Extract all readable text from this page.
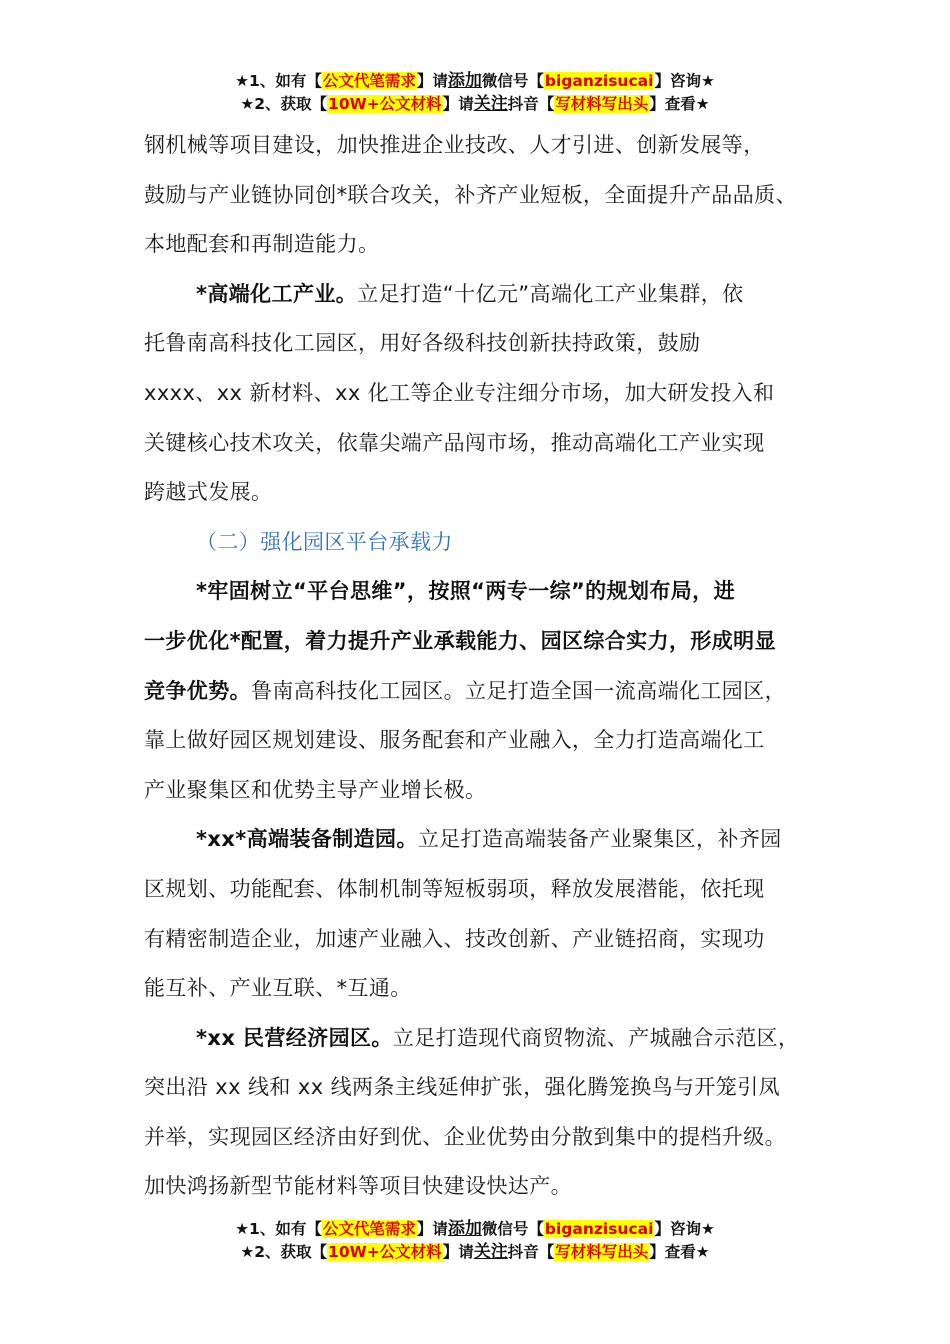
★1、如有【公文代笔需求】请添加微信号【biganzisucai】咨询★
★2、获取【10W+公文材料】请关注抖音【写材料写出头】查看★
钢机械等项目建设，加快推进企业技改、人才引进、创新发展等，
鼓励与产业链协同创*联合攻关，补齐产业短板，全面提升产品品质、
本地配套和再制造能力。
*高端化工产业。立足打造“十亿元”高端化工产业集群，依
托鲁南高科技化工园区，用好各级科技创新扶持政策，鼓励
xxxx、xx 新材料、xx 化工等企业专注细分市场，加大研发投入和
关键核心技术攻关，依靠尖端产品闯市场，推动高端化工产业实现
跨越式发展。
（二）强化园区平台承载力
*牢固树立“平台思维”，按照“两专一综”的规划布局，进
一步优化*配置，着力提升产业承载能力、园区综合实力，形成明显
竞争优势。鲁南高科技化工园区。立足打造全国一流高端化工园区，
靠上做好园区规划建设、服务配套和产业融入，全力打造高端化工
产业聚集区和优势主导产业增长极。
*xx*高端装备制造园。立足打造高端装备产业聚集区，补齐园
区规划、功能配套、体制机制等短板弱项，释放发展潜能，依托现
有精密制造企业，加速产业融入、技改创新、产业链招商，实现功
能互补、产业互联、*互通。
*xx 民营经济园区。立足打造现代商贸物流、产城融合示范区，
突出沿 xx 线和 xx 线两条主线延伸扩张，强化腾笼换鸟与开笼引凤
并举，实现园区经济由好到优、企业优势由分散到集中的提档升级。
加快鸿扬新型节能材料等项目快建设快达产。
★1、如有【公文代笔需求】请添加微信号【biganzisucai】咨询★
★2、获取【10W+公文材料】请关注抖音【写材料写出头】查看★
